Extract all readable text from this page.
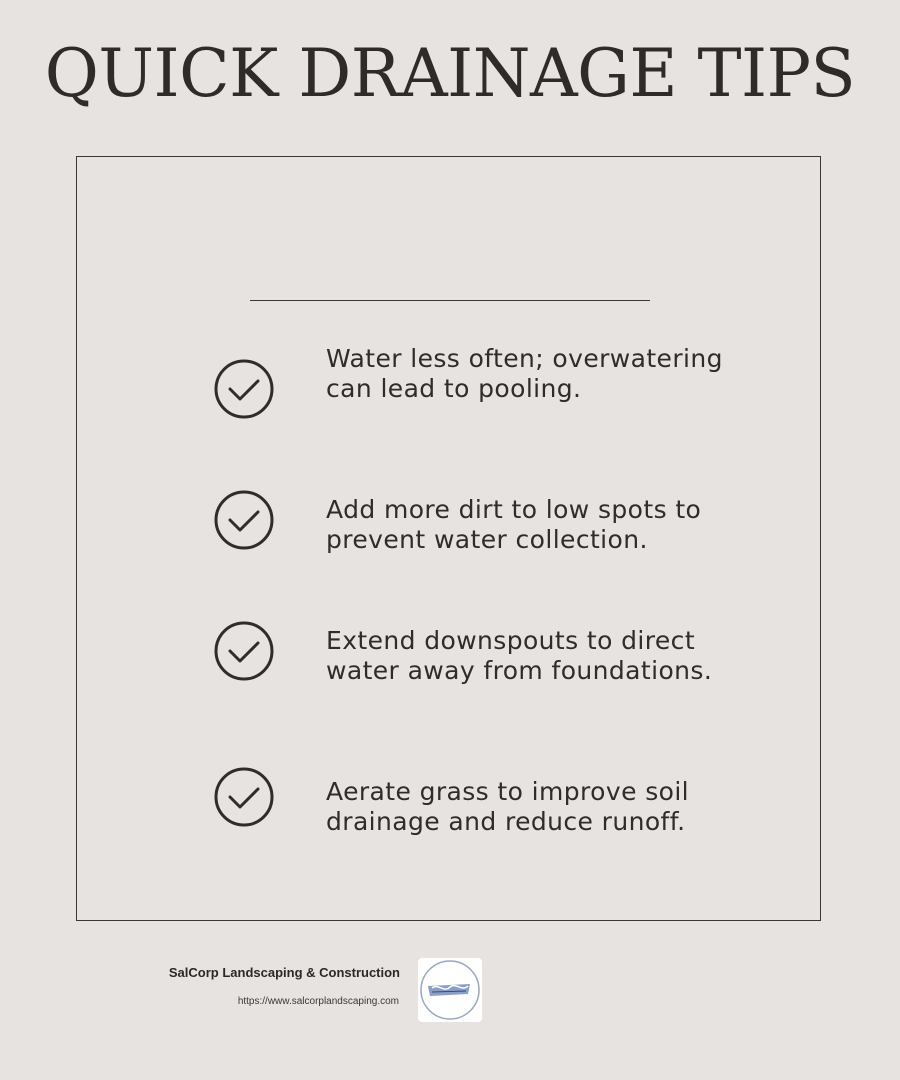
QUICK DRAINAGE TIPS
Water less often; overwatering can lead to pooling.
Add more dirt to low spots to prevent water collection.
Extend downspouts to direct water away from foundations.
Aerate grass to improve soil drainage and reduce runoff.
SalCorp Landscaping & Construction
https://www.salcorplandscaping.com
